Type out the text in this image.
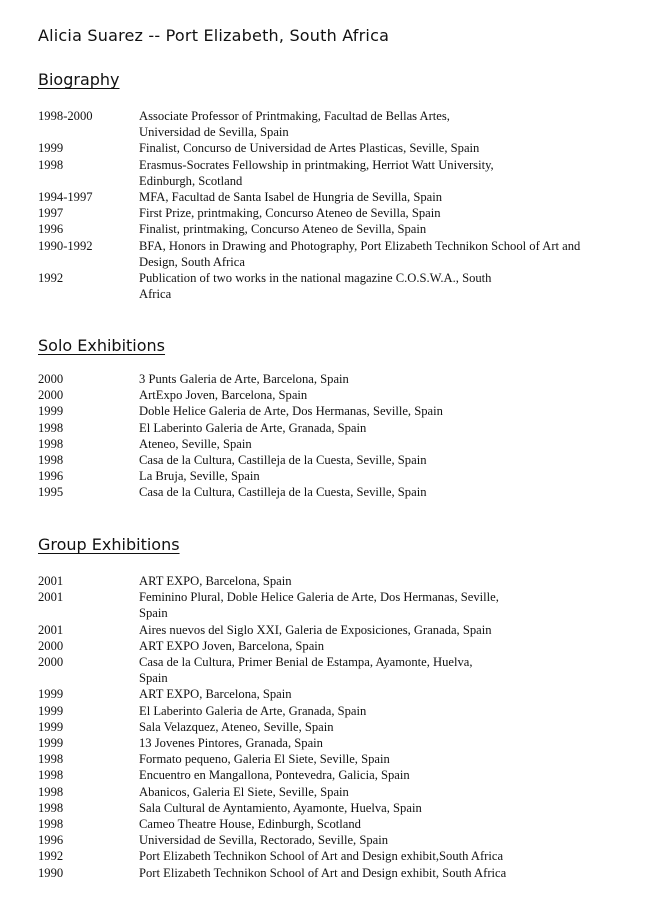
Alicia Suarez -- Port Elizabeth, South Africa
Biography
1998-2000	Associate Professor of Printmaking, Facultad de Bellas Artes,
Universidad de Sevilla, Spain
1999	Finalist, Concurso de Universidad de Artes Plasticas, Seville, Spain
1998	Erasmus-Socrates Fellowship in printmaking, Herriot Watt University,
Edinburgh, Scotland
1994-1997	MFA, Facultad de Santa Isabel de Hungria de Sevilla, Spain
1997	First Prize, printmaking, Concurso Ateneo de Sevilla, Spain
1996	Finalist, printmaking, Concurso Ateneo de Sevilla, Spain
1990-1992	BFA, Honors in Drawing and Photography, Port Elizabeth Technikon School of Art and
Design, South Africa
1992	Publication of two works in the national magazine C.O.S.W.A., South
Africa
Solo Exhibitions
2000	3 Punts Galeria de Arte, Barcelona, Spain
2000	ArtExpo Joven, Barcelona, Spain
1999	Doble Helice Galeria de Arte, Dos Hermanas, Seville, Spain
1998	El Laberinto Galeria de Arte, Granada, Spain
1998	Ateneo, Seville, Spain
1998	Casa de la Cultura, Castilleja de la Cuesta, Seville, Spain
1996	La Bruja, Seville, Spain
1995	Casa de la Cultura, Castilleja de la Cuesta, Seville, Spain
Group Exhibitions
2001	ART EXPO, Barcelona, Spain
2001	Feminino Plural, Doble Helice Galeria de Arte, Dos Hermanas, Seville,
Spain
2001	Aires nuevos del Siglo XXI, Galeria de Exposiciones, Granada, Spain
2000	ART EXPO Joven, Barcelona, Spain
2000	Casa de la Cultura, Primer Benial de Estampa, Ayamonte, Huelva,
Spain
1999	ART EXPO, Barcelona, Spain
1999	El Laberinto Galeria de Arte, Granada, Spain
1999	Sala Velazquez, Ateneo, Seville, Spain
1999	13 Jovenes Pintores, Granada, Spain
1998	Formato pequeno, Galeria El Siete, Seville, Spain
1998	Encuentro en Mangallona, Pontevedra, Galicia, Spain
1998	Abanicos, Galeria El Siete, Seville, Spain
1998	Sala Cultural de Ayntamiento, Ayamonte, Huelva, Spain
1998	Cameo Theatre House, Edinburgh, Scotland
1996	Universidad de Sevilla, Rectorado, Seville, Spain
1992	Port Elizabeth Technikon School of Art and Design exhibit,South Africa
1990	Port Elizabeth Technikon School of Art and Design exhibit, South Africa
